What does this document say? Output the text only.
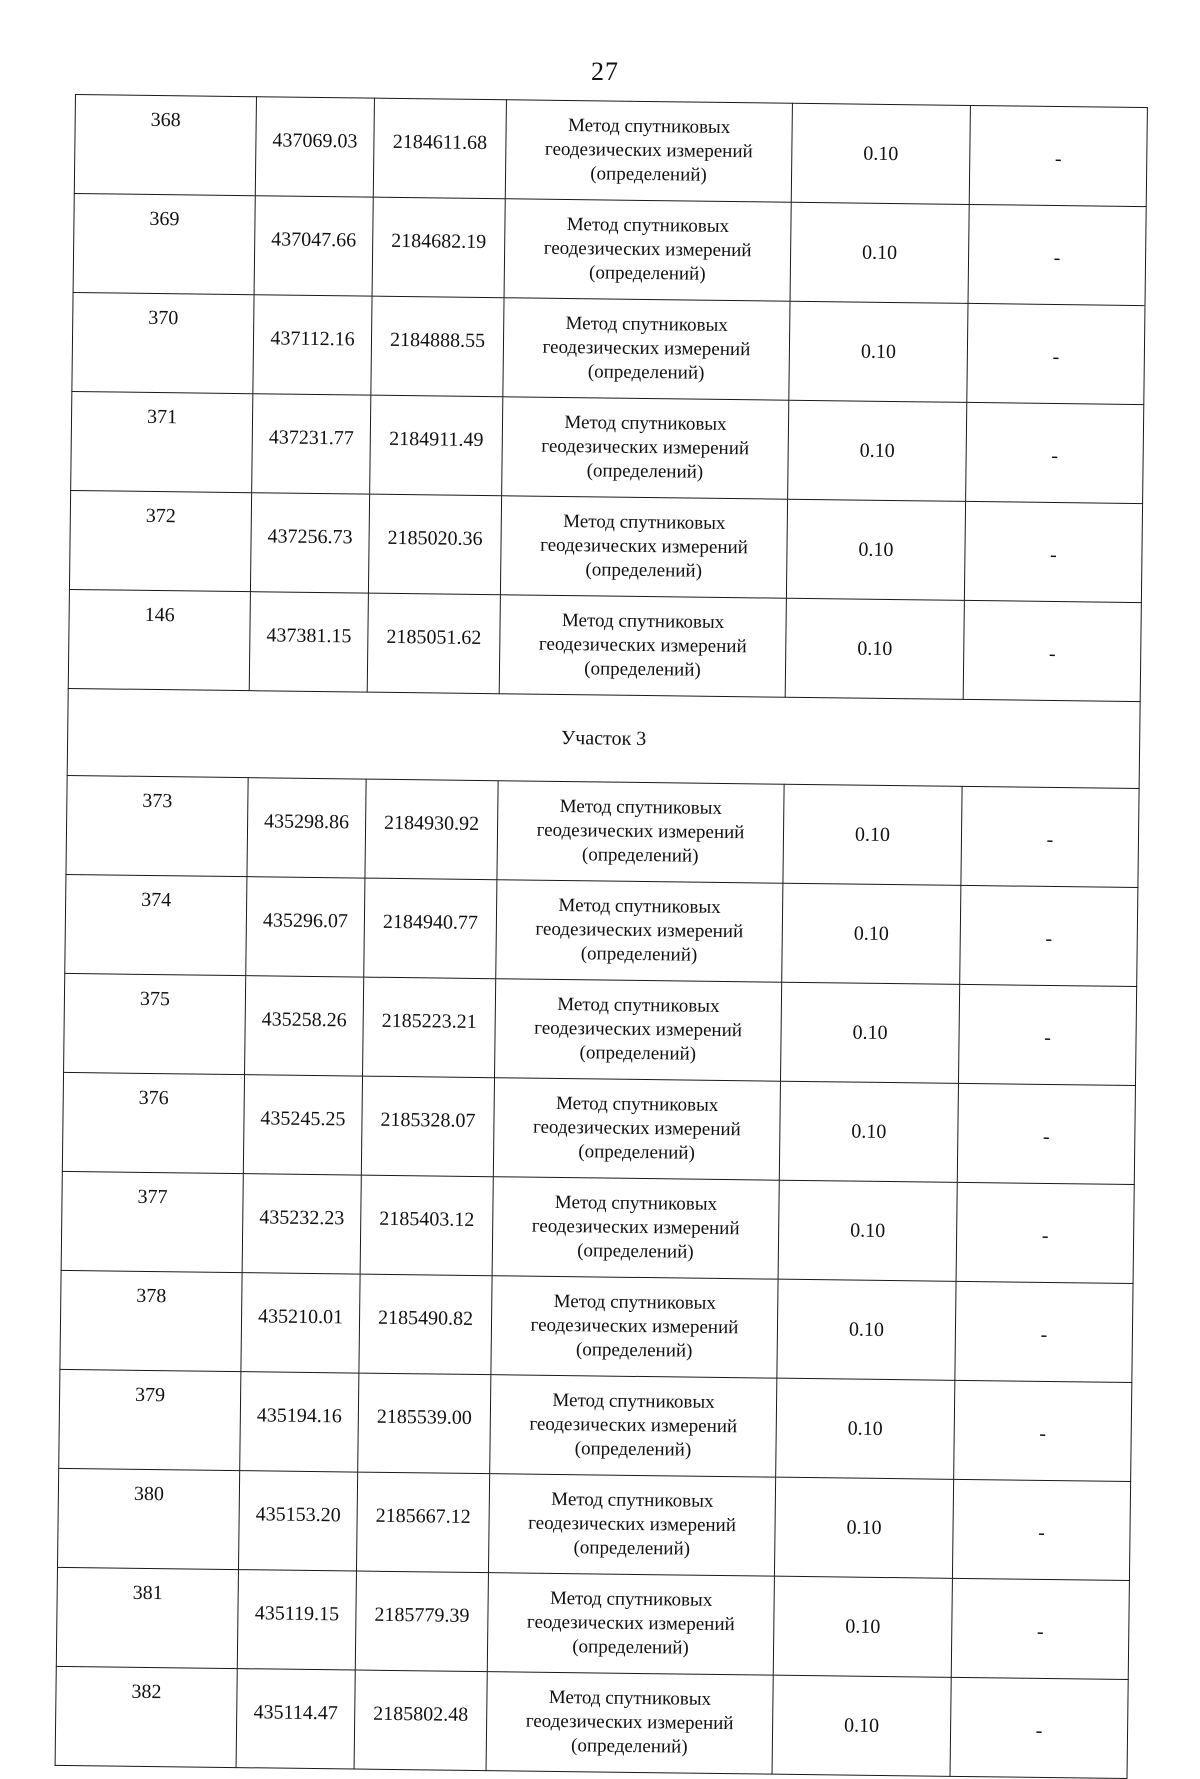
27
368	437069.03	2184611.68	Метод спутниковых
геодезических измерений
(определений)	0.10	-
369	437047.66	2184682.19	Метод спутниковых
геодезических измерений
(определений)	0.10	-
370	437112.16	2184888.55	Метод спутниковых
геодезических измерений
(определений)	0.10	-
371	437231.77	2184911.49	Метод спутниковых
геодезических измерений
(определений)	0.10	-
372	437256.73	2185020.36	Метод спутниковых
геодезических измерений
(определений)	0.10	-
146	437381.15	2185051.62	Метод спутниковых
геодезических измерений
(определений)	0.10	-
Участок 3					
373	435298.86	2184930.92	Метод спутниковых
геодезических измерений
(определений)	0.10	-
374	435296.07	2184940.77	Метод спутниковых
геодезических измерений
(определений)	0.10	-
375	435258.26	2185223.21	Метод спутниковых
геодезических измерений
(определений)	0.10	-
376	435245.25	2185328.07	Метод спутниковых
геодезических измерений
(определений)	0.10	-
377	435232.23	2185403.12	Метод спутниковых
геодезических измерений
(определений)	0.10	-
378	435210.01	2185490.82	Метод спутниковых
геодезических измерений
(определений)	0.10	-
379	435194.16	2185539.00	Метод спутниковых
геодезических измерений
(определений)	0.10	-
380	435153.20	2185667.12	Метод спутниковых
геодезических измерений
(определений)	0.10	-
381	435119.15	2185779.39	Метод спутниковых
геодезических измерений
(определений)	0.10	-
382	435114.47	2185802.48	Метод спутниковых
геодезических измерений
(определений)	0.10	-
